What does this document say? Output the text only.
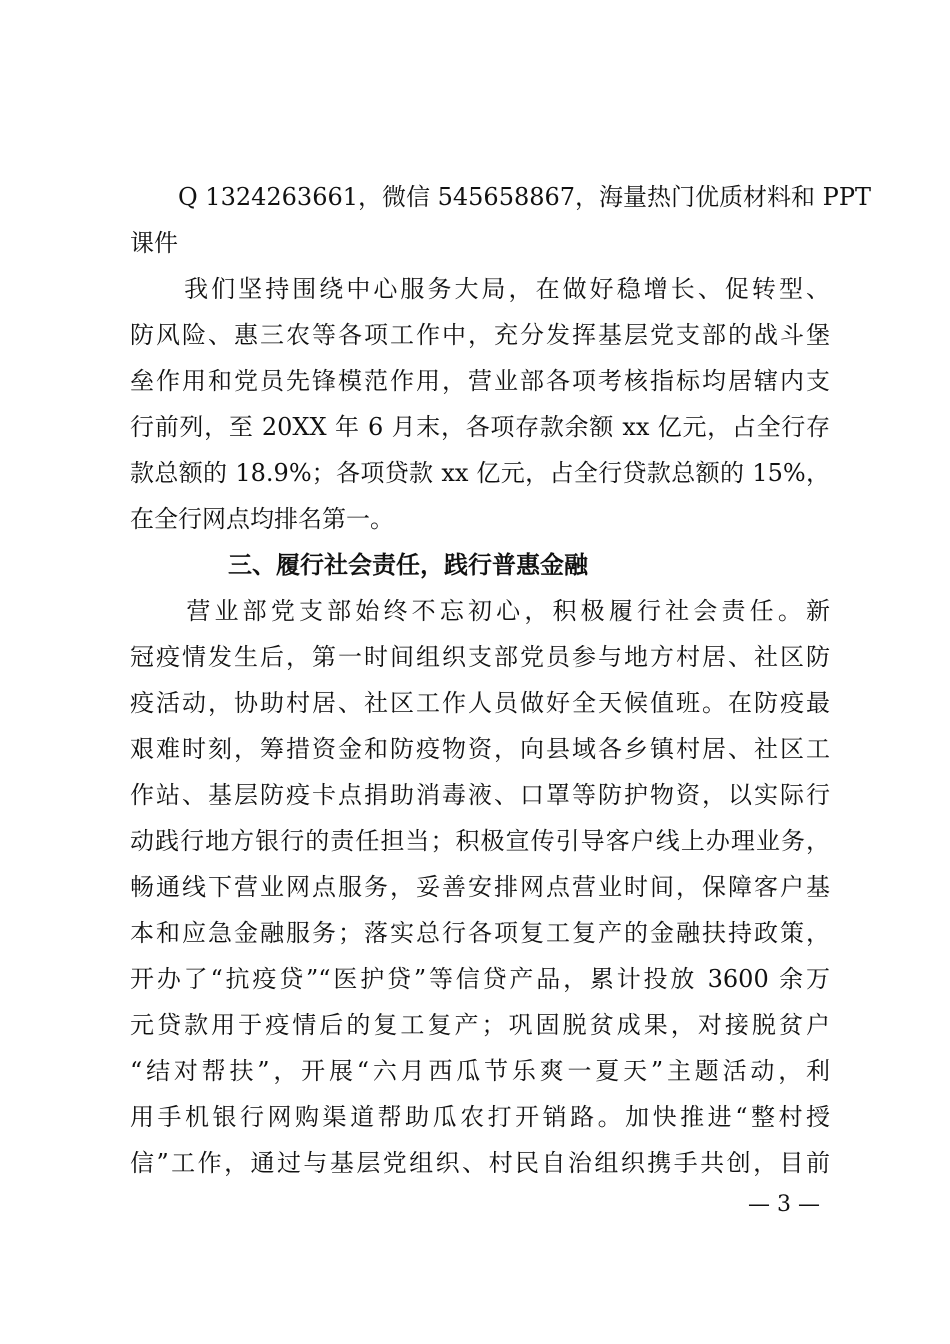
Q 1324263661，微信 545658867，海量热门优质材料和 PPT
课件
　　我们坚持围绕中心服务大局，在做好稳增长、促转型、
防风险、惠三农等各项工作中，充分发挥基层党支部的战斗堡
垒作用和党员先锋模范作用，营业部各项考核指标均居辖内支
行前列，至 20XX 年 6 月末，各项存款余额 xx 亿元，占全行存
款总额的 18.9%；各项贷款 xx 亿元，占全行贷款总额的 15%，
在全行网点均排名第一。
三、履行社会责任，践行普惠金融
　　营业部党支部始终不忘初心，积极履行社会责任。新
冠疫情发生后，第一时间组织支部党员参与地方村居、社区防
疫活动，协助村居、社区工作人员做好全天候值班。在防疫最
艰难时刻，筹措资金和防疫物资，向县域各乡镇村居、社区工
作站、基层防疫卡点捐助消毒液、口罩等防护物资，以实际行
动践行地方银行的责任担当；积极宣传引导客户线上办理业务，
畅通线下营业网点服务，妥善安排网点营业时间，保障客户基
本和应急金融服务；落实总行各项复工复产的金融扶持政策，
开办了“抗疫贷”“医护贷”等信贷产品，累计投放 3600 余万
元贷款用于疫情后的复工复产；巩固脱贫成果，对接脱贫户
“结对帮扶”，开展“六月西瓜节乐爽一夏天”主题活动，利
用手机银行网购渠道帮助瓜农打开销路。加快推进“整村授
信”工作，通过与基层党组织、村民自治组织携手共创，目前
— 3 —
